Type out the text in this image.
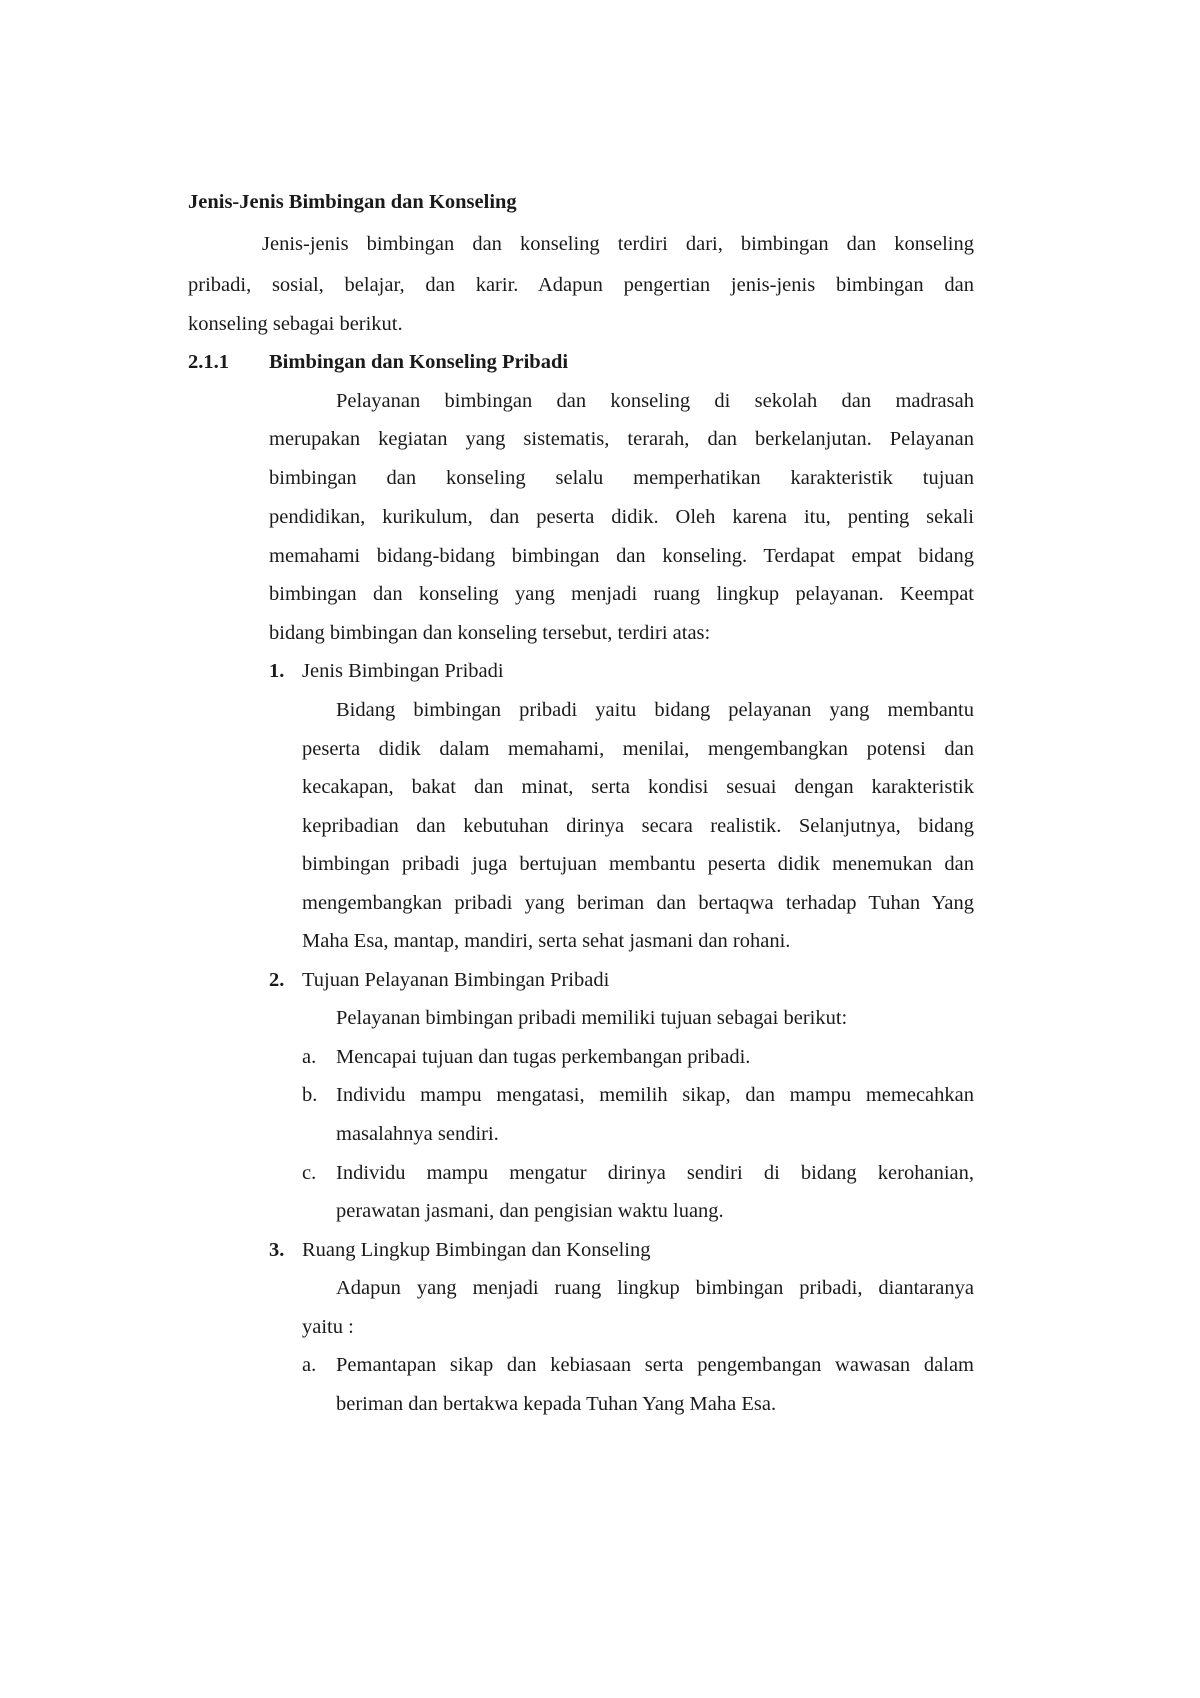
Jenis-Jenis Bimbingan dan Konseling
Jenis-jenis bimbingan dan konseling terdiri dari, bimbingan dan konseling
pribadi, sosial, belajar, dan karir. Adapun pengertian jenis-jenis bimbingan dan
konseling sebagai berikut.
2.1.1 Bimbingan dan Konseling Pribadi
Pelayanan bimbingan dan konseling di sekolah dan madrasah
merupakan kegiatan yang sistematis, terarah, dan berkelanjutan. Pelayanan
bimbingan dan konseling selalu memperhatikan karakteristik tujuan
pendidikan, kurikulum, dan peserta didik. Oleh karena itu, penting sekali
memahami bidang-bidang bimbingan dan konseling. Terdapat empat bidang
bimbingan dan konseling yang menjadi ruang lingkup pelayanan. Keempat
bidang bimbingan dan konseling tersebut, terdiri atas:
1. Jenis Bimbingan Pribadi
Bidang bimbingan pribadi yaitu bidang pelayanan yang membantu
peserta didik dalam memahami, menilai, mengembangkan potensi dan
kecakapan, bakat dan minat, serta kondisi sesuai dengan karakteristik
kepribadian dan kebutuhan dirinya secara realistik. Selanjutnya, bidang
bimbingan pribadi juga bertujuan membantu peserta didik menemukan dan
mengembangkan pribadi yang beriman dan bertaqwa terhadap Tuhan Yang
Maha Esa, mantap, mandiri, serta sehat jasmani dan rohani.
2. Tujuan Pelayanan Bimbingan Pribadi
Pelayanan bimbingan pribadi memiliki tujuan sebagai berikut:
a. Mencapai tujuan dan tugas perkembangan pribadi.
b. Individu mampu mengatasi, memilih sikap, dan mampu memecahkan
masalahnya sendiri.
c. Individu mampu mengatur dirinya sendiri di bidang kerohanian,
perawatan jasmani, dan pengisian waktu luang.
3. Ruang Lingkup Bimbingan dan Konseling
Adapun yang menjadi ruang lingkup bimbingan pribadi, diantaranya
yaitu :
a. Pemantapan sikap dan kebiasaan serta pengembangan wawasan dalam
beriman dan bertakwa kepada Tuhan Yang Maha Esa.
